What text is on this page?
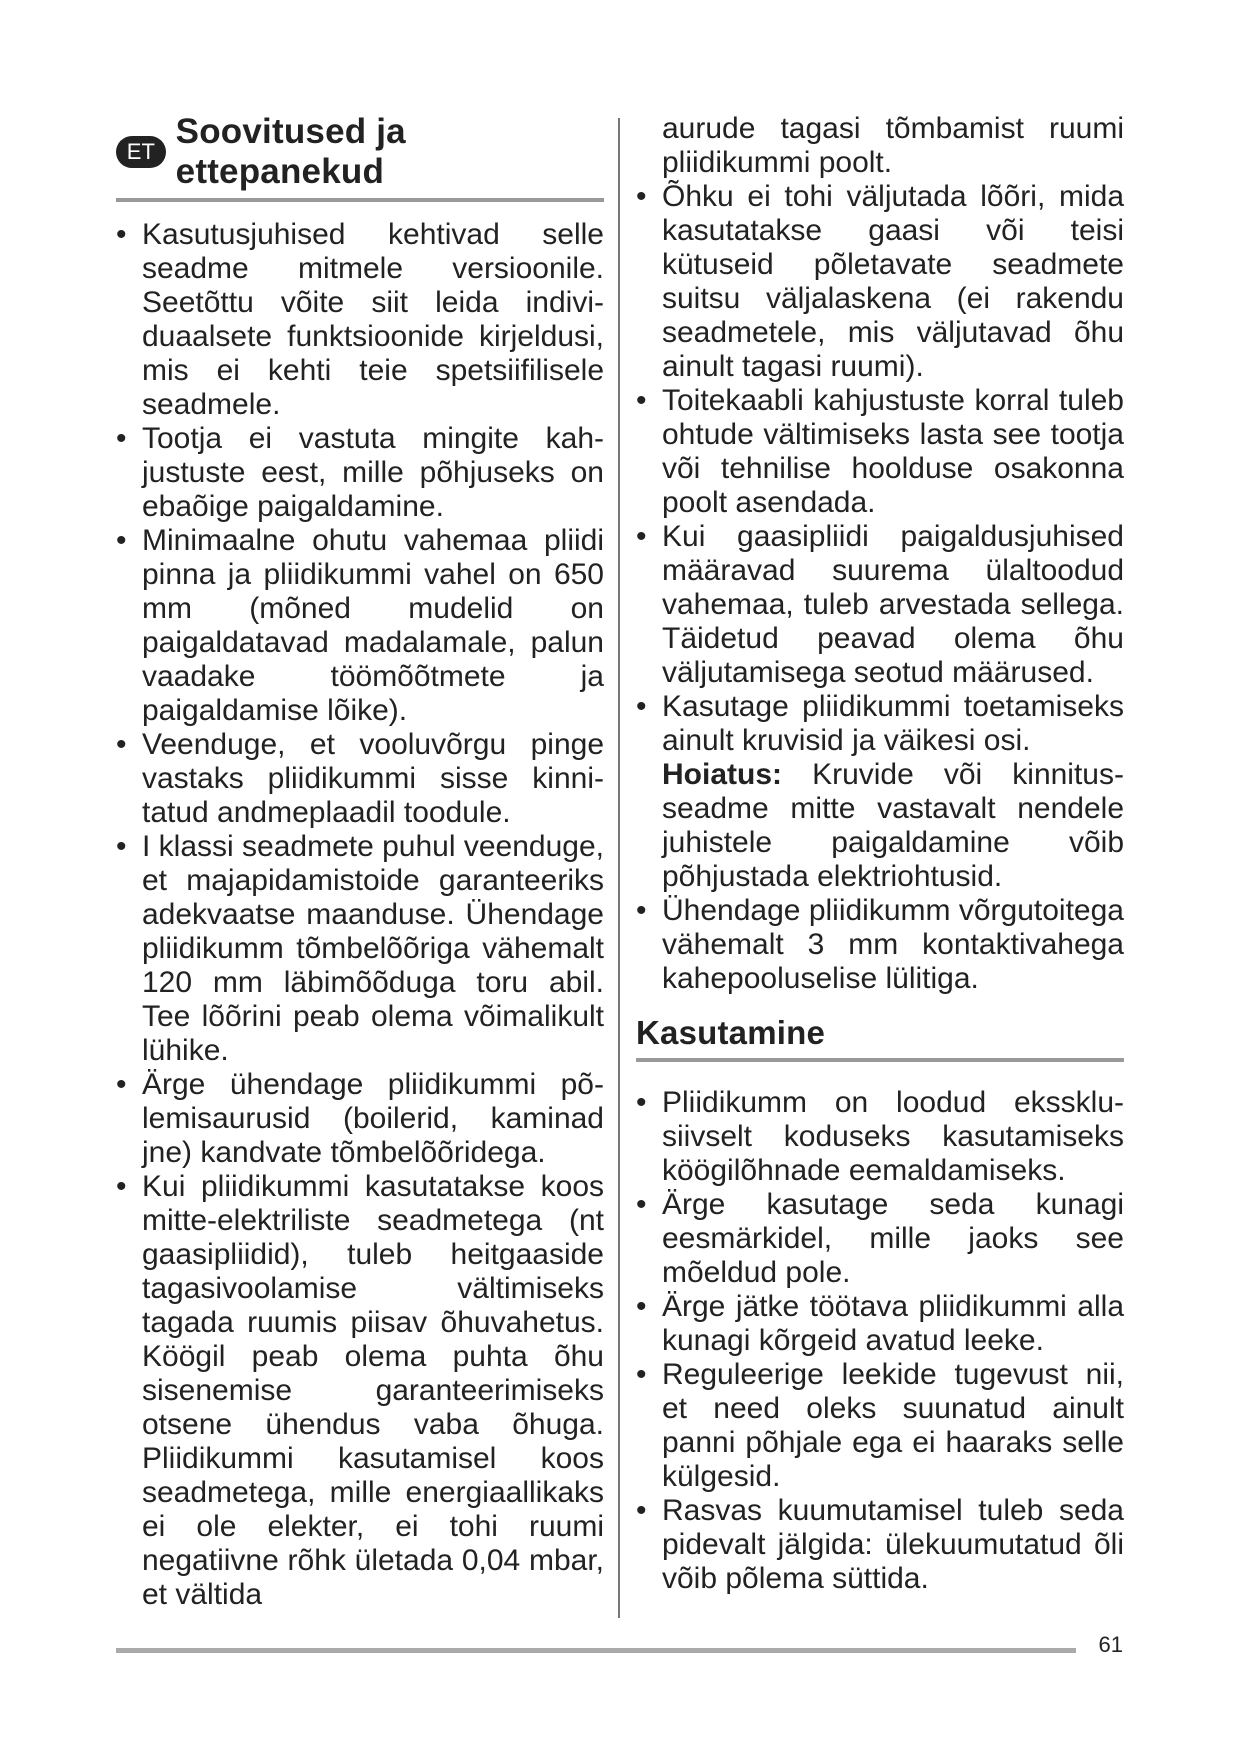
ET
Soovitused ja ettepanekud
• Kasutusjuhised kehtivad selle seadme mitmele versioonile. Seetõttu võite siit leida individuaalsete funktsioonide kirjeldusi, mis ei kehti teie spetsiifilisele seadmele.
• Tootja ei vastuta mingite kahjustuste eest, mille põhjuseks on ebaõige paigaldamine.
• Minimaalne ohutu vahemaa pliidi pinna ja pliidikummi vahel on 650 mm (mõned mudelid on paigaldatavad madalamale, palun vaadake töömõõtmete ja paigaldamise lõike).
• Veenduge, et vooluvõrgu pinge vastaks pliidikummi sisse kinnitatud andmeplaadil toodule.
• I klassi seadmete puhul veenduge, et majapidamistoide garanteeriks adekvaatse maanduse. Ühendage pliidikumm tõmbelõõriga vähemalt 120 mm läbimõõduga toru abil. Tee lõõrini peab olema võimalikult lühike.
• Ärge ühendage pliidikummi põlemisaurusid (boilerid, kaminad jne) kandvate tõmbelõõridega.
• Kui pliidikummi kasutatakse koos mitte-elektriliste seadmetega (nt gaasipliidid), tuleb heitgaaside tagasivoolamise vältimiseks tagada ruumis piisav õhuvahetus. Köögil peab olema puhta õhu sisenemise garanteerimiseks otsene ühendus vaba õhuga. Pliidikummi kasutamisel koos seadmetega, mille energiaallikaks ei ole elekter, ei tohi ruumi negatiivne rõhk ületada 0,04 mbar, et vältida
aurude tagasi tõmbamist ruumi pliidikummi poolt.
• Õhku ei tohi väljutada lõõri, mida kasutatakse gaasi või teisi kütuseid põletavate seadmete suitsu väljalaskena (ei rakendu seadmetele, mis väljutavad õhu ainult tagasi ruumi).
• Toitekaabli kahjustuste korral tuleb ohtude vältimiseks lasta see tootja või tehnilise hoolduse osakonna poolt asendada.
• Kui gaasipliidi paigaldusjuhised määravad suurema ülaltoodud vahemaa, tuleb arvestada sellega. Täidetud peavad olema õhu väljutamisega seotud määrused.
• Kasutage pliidikummi toetamiseks ainult kruvisid ja väikesi osi.
Hoiatus: Kruvide või kinnitusseadme mitte vastavalt nendele juhistele paigaldamine võib põhjustada elektriohtusid.
• Ühendage pliidikumm võrgutoitega vähemalt 3 mm kontaktivahega kahepooluselise lülitiga.
Kasutamine
• Pliidikumm on loodud ekssklusiivselt koduseks kasutamiseks köögilõhnade eemaldamiseks.
• Ärge kasutage seda kunagi eesmärkidel, mille jaoks see mõeldud pole.
• Ärge jätke töötava pliidikummi alla kunagi kõrgeid avatud leeke.
• Reguleerige leekide tugevust nii, et need oleks suunatud ainult panni põhjale ega ei haaraks selle külgesid.
• Rasvas kuumutamisel tuleb seda pidevalt jälgida: ülekuumutatud õli võib põlema süttida.
61
